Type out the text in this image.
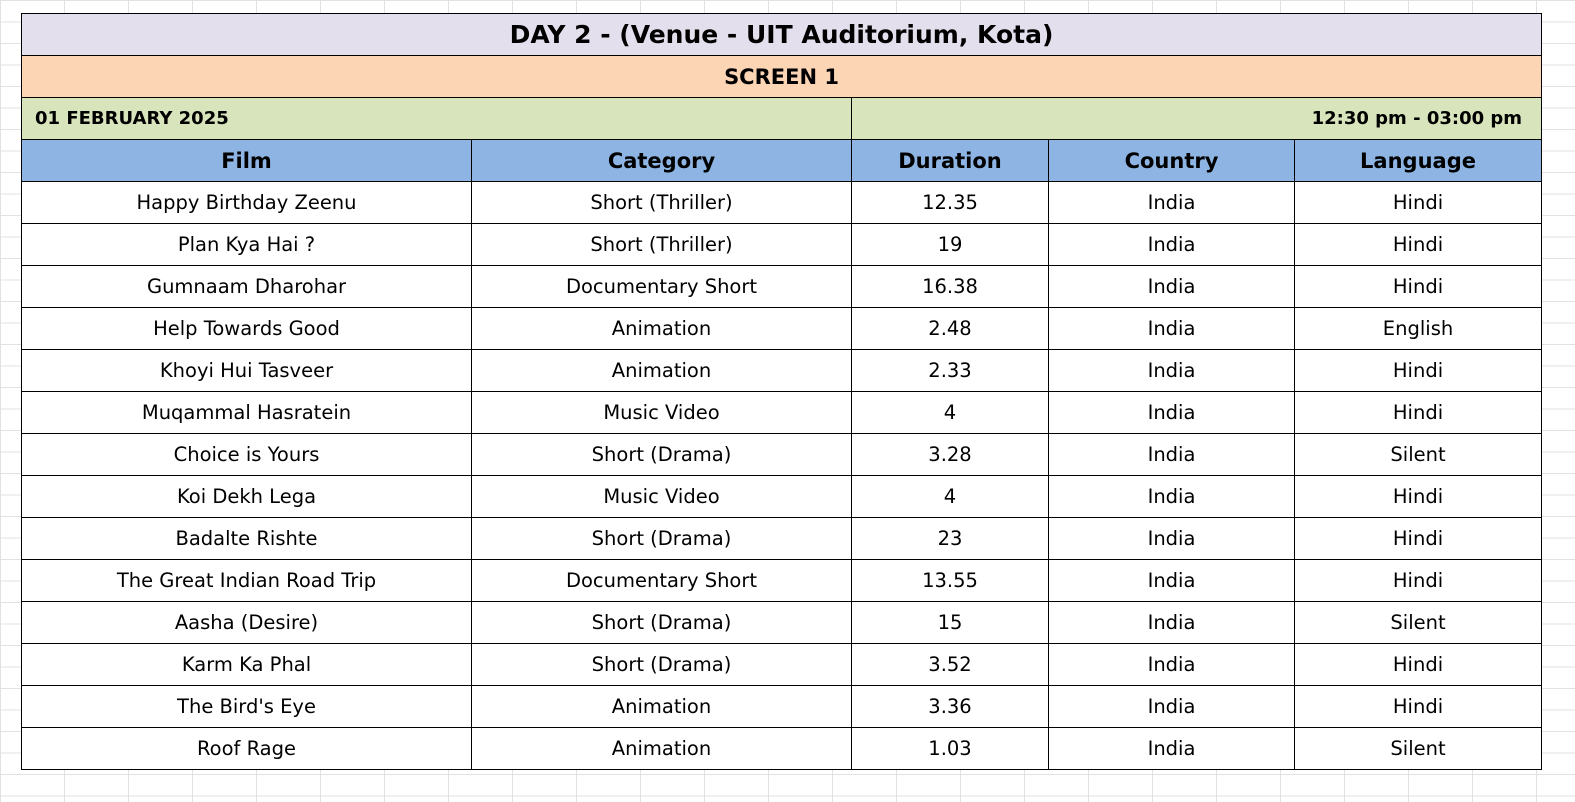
DAY 2 - (Venue - UIT Auditorium, Kota)				
SCREEN 1				
01 FEBRUARY 2025		12:30 pm - 03:00 pm		
Film	Category	Duration	Country	Language
Happy Birthday Zeenu	Short (Thriller)	12.35	India	Hindi
Plan Kya Hai ?	Short (Thriller)	19	India	Hindi
Gumnaam Dharohar	Documentary Short	16.38	India	Hindi
Help Towards Good	Animation	2.48	India	English
Khoyi Hui Tasveer	Animation	2.33	India	Hindi
Muqammal Hasratein	Music Video	4	India	Hindi
Choice is Yours	Short (Drama)	3.28	India	Silent
Koi Dekh Lega	Music Video	4	India	Hindi
Badalte Rishte	Short (Drama)	23	India	Hindi
The Great Indian Road Trip	Documentary Short	13.55	India	Hindi
Aasha (Desire)	Short (Drama)	15	India	Silent
Karm Ka Phal	Short (Drama)	3.52	India	Hindi
The Bird's Eye	Animation	3.36	India	Hindi
Roof Rage	Animation	1.03	India	Silent
